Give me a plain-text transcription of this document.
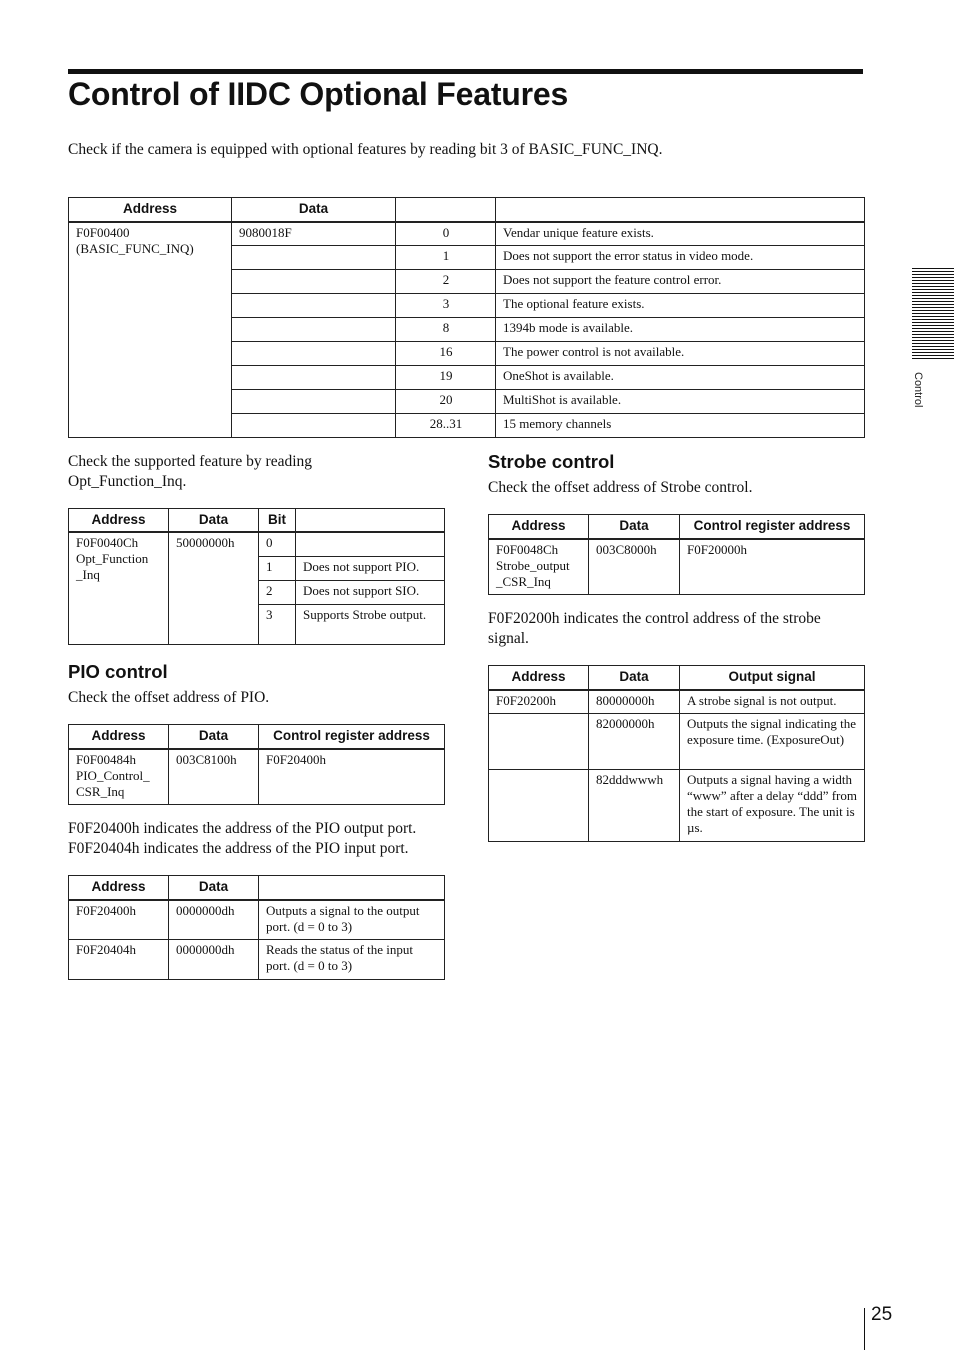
Control of IIDC Optional Features

Check if the camera is equipped with optional features by reading bit 3 of BASIC_FUNC_INQ.

Address	Data		
F0F00400
(BASIC_FUNC_INQ)	9080018F	0	Vendar unique feature exists.
		1	Does not support the error status in video mode.
		2	Does not support the feature control error.
		3	The optional feature exists.
		8	1394b mode is available.
		16	The power control is not available.
		19	OneShot is available.
		20	MultiShot is available.
		28..31	15 memory channels

Check the supported feature by reading Opt_Function_Inq.

Address	Data	Bit	
F0F0040Ch
Opt_Function
_Inq	50000000h	0	
		1	Does not support PIO.
		2	Does not support SIO.
		3	Supports Strobe output.
PIO control

Check the offset address of PIO.

Address	Data	Control register address
F0F00484h
PIO_Control_
CSR_Inq	003C8100h	F0F20400h

F0F20400h indicates the address of the PIO output port.

F0F20404h indicates the address of the PIO input port.

Address	Data	
F0F20400h	0000000dh	Outputs a signal to the output port. (d = 0 to 3)
F0F20404h	0000000dh	Reads the status of the input port. (d = 0 to 3)
Strobe control

Check the offset address of Strobe control.

Address	Data	Control register address
F0F0048Ch
Strobe_output
_CSR_Inq	003C8000h	F0F20000h

F0F20200h indicates the control address of the strobe signal.

Address	Data	Output signal
F0F20200h	80000000h	A strobe signal is not output.
	82000000h	Outputs the signal indicating the exposure time. (ExposureOut)
	82dddwwwh	Outputs a signal having a width “www” after a delay “ddd” from the start of exposure. The unit is µs.
Control
25
